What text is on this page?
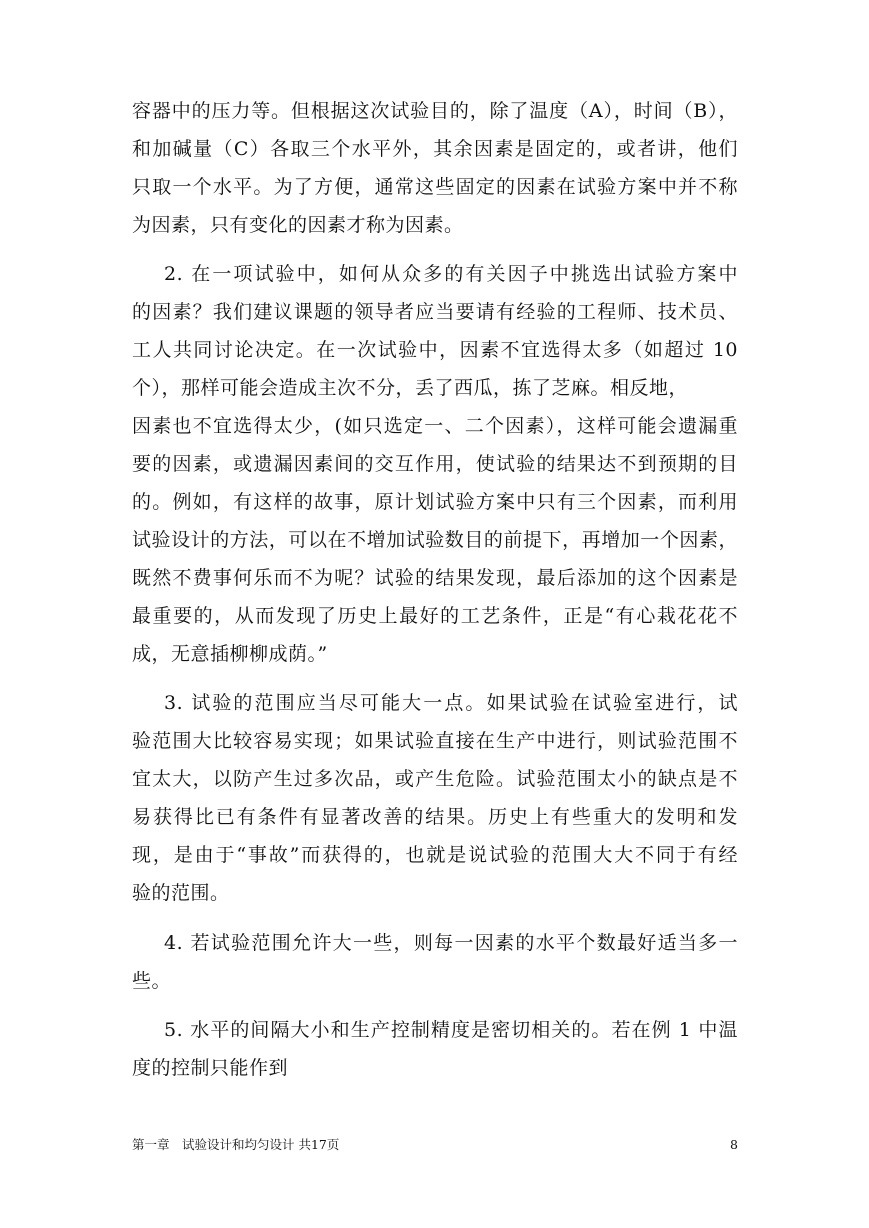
容器中的压力等。但根据这次试验目的，除了温度（A），时间（B），
和加碱量（C）各取三个水平外，其余因素是固定的，或者讲，他们
只取一个水平。为了方便，通常这些固定的因素在试验方案中并不称
为因素，只有变化的因素才称为因素。
2. 在一项试验中，如何从众多的有关因子中挑选出试验方案中
的因素？我们建议课题的领导者应当要请有经验的工程师、技术员、
工人共同讨论决定。在一次试验中，因素不宜选得太多（如超过 10
个），那样可能会造成主次不分，丢了西瓜，拣了芝麻。相反地，
因素也不宜选得太少，(如只选定一、二个因素），这样可能会遗漏重
要的因素，或遗漏因素间的交互作用，使试验的结果达不到预期的目
的。例如，有这样的故事，原计划试验方案中只有三个因素，而利用
试验设计的方法，可以在不增加试验数目的前提下，再增加一个因素，
既然不费事何乐而不为呢？试验的结果发现，最后添加的这个因素是
最重要的，从而发现了历史上最好的工艺条件，正是“有心栽花花不
成，无意插柳柳成荫。”
3. 试验的范围应当尽可能大一点。如果试验在试验室进行，试
验范围大比较容易实现；如果试验直接在生产中进行，则试验范围不
宜太大，以防产生过多次品，或产生危险。试验范围太小的缺点是不
易获得比已有条件有显著改善的结果。历史上有些重大的发明和发
现，是由于“事故”而获得的，也就是说试验的范围大大不同于有经
验的范围。
4. 若试验范围允许大一些，则每一因素的水平个数最好适当多一
些。
5. 水平的间隔大小和生产控制精度是密切相关的。若在例 1 中温
度的控制只能作到
第一章　试验设计和均匀设计 共17页	8
